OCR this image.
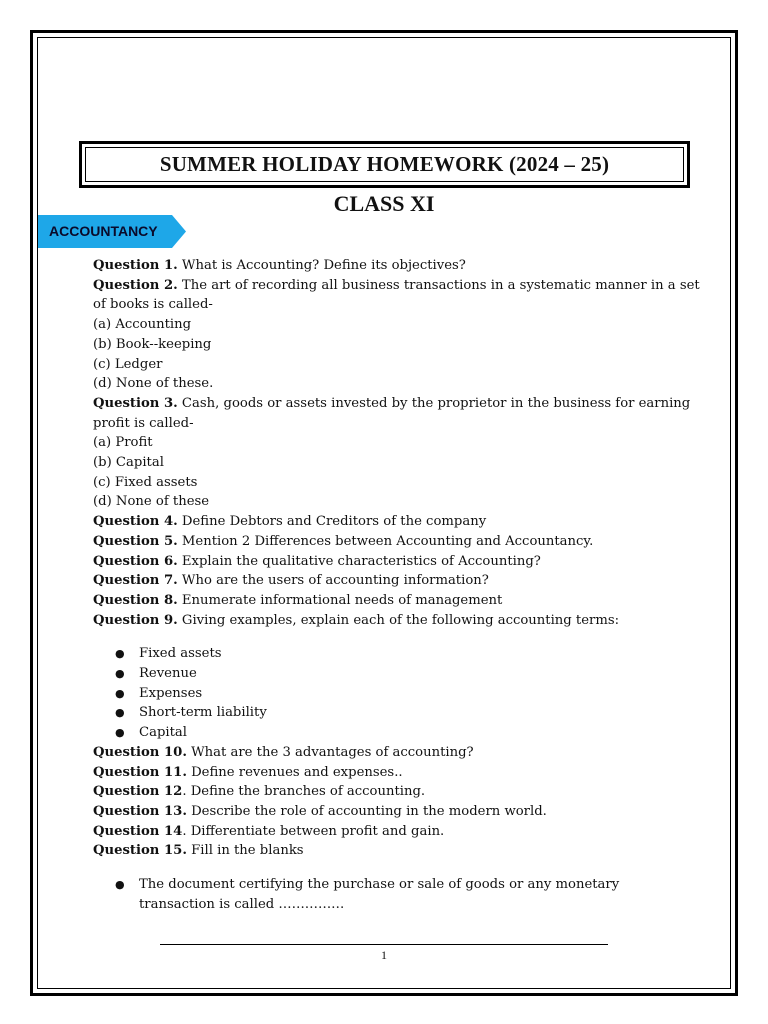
SUMMER HOLIDAY HOMEWORK (2024 – 25)
CLASS XI
ACCOUNTANCY
Question 1. What is Accounting? Define its objectives?
Question 2. The art of recording all business transactions in a systematic manner in a set
of books is called-
(a) Accounting
(b) Book--keeping
(c) Ledger
(d) None of these.
Question 3. Cash, goods or assets invested by the proprietor in the business for earning
profit is called-
(a) Profit
(b) Capital
(c) Fixed assets
(d) None of these
Question 4. Define Debtors and Creditors of the company
Question 5. Mention 2 Differences between Accounting and Accountancy.
Question 6. Explain the qualitative characteristics of Accounting?
Question 7. Who are the users of accounting information?
Question 8. Enumerate informational needs of management
Question 9. Giving examples, explain each of the following accounting terms:
● Fixed assets
● Revenue
● Expenses
● Short-term liability
● Capital
Question 10. What are the 3 advantages of accounting?
Question 11. Define revenues and expenses..
Question 12. Define the branches of accounting.
Question 13. Describe the role of accounting in the modern world.
Question 14. Differentiate between profit and gain.
Question 15. Fill in the blanks
● The document certifying the purchase or sale of goods or any monetary
transaction is called ……………
1
